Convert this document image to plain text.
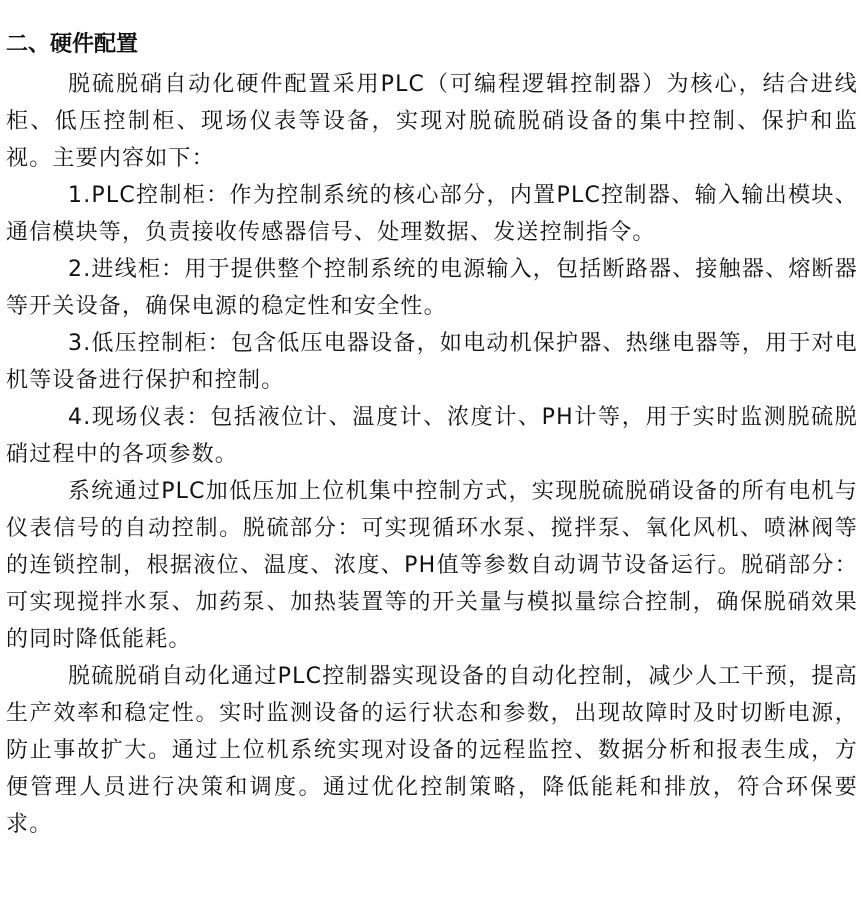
二、硬件配置

脱硫脱硝自动化硬件配置采用PLC（可编程逻辑控制器）为核心，结合进线柜、低压控制柜、现场仪表等设备，实现对脱硫脱硝设备的集中控制、保护和监视。主要内容如下：

1.PLC控制柜：作为控制系统的核心部分，内置PLC控制器、输入输出模块、通信模块等，负责接收传感器信号、处理数据、发送控制指令。

2.进线柜：用于提供整个控制系统的电源输入，包括断路器、接触器、熔断器等开关设备，确保电源的稳定性和安全性。

3.低压控制柜：包含低压电器设备，如电动机保护器、热继电器等，用于对电机等设备进行保护和控制。

4.现场仪表：包括液位计、温度计、浓度计、PH计等，用于实时监测脱硫脱硝过程中的各项参数。

系统通过PLC加低压加上位机集中控制方式，实现脱硫脱硝设备的所有电机与仪表信号的自动控制。脱硫部分：可实现循环水泵、搅拌泵、氧化风机、喷淋阀等的连锁控制，根据液位、温度、浓度、PH值等参数自动调节设备运行。脱硝部分：可实现搅拌水泵、加药泵、加热装置等的开关量与模拟量综合控制，确保脱硝效果的同时降低能耗。

脱硫脱硝自动化通过PLC控制器实现设备的自动化控制，减少人工干预，提高生产效率和稳定性。实时监测设备的运行状态和参数，出现故障时及时切断电源，防止事故扩大。通过上位机系统实现对设备的远程监控、数据分析和报表生成，方便管理人员进行决策和调度。通过优化控制策略，降低能耗和排放，符合环保要求。
